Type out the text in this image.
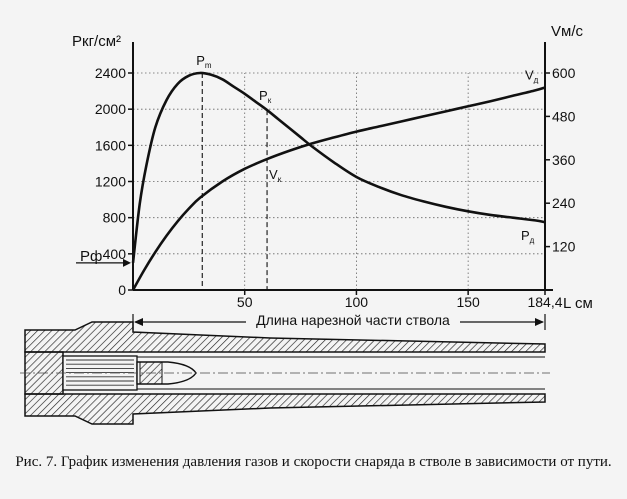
0
400
800
1200
1600
2000
2400
120
240
360
480
600
50	100	150	184,4
Pкг/см²
Vм/с
L см
Pф
$P_m$
$P_к$
$V_к$
$V_д$
$P_д$
Длина нарезной части ствола
Рис. 7. График изменения давления газов и скорости снаряда в стволе в зависимости от пути.
